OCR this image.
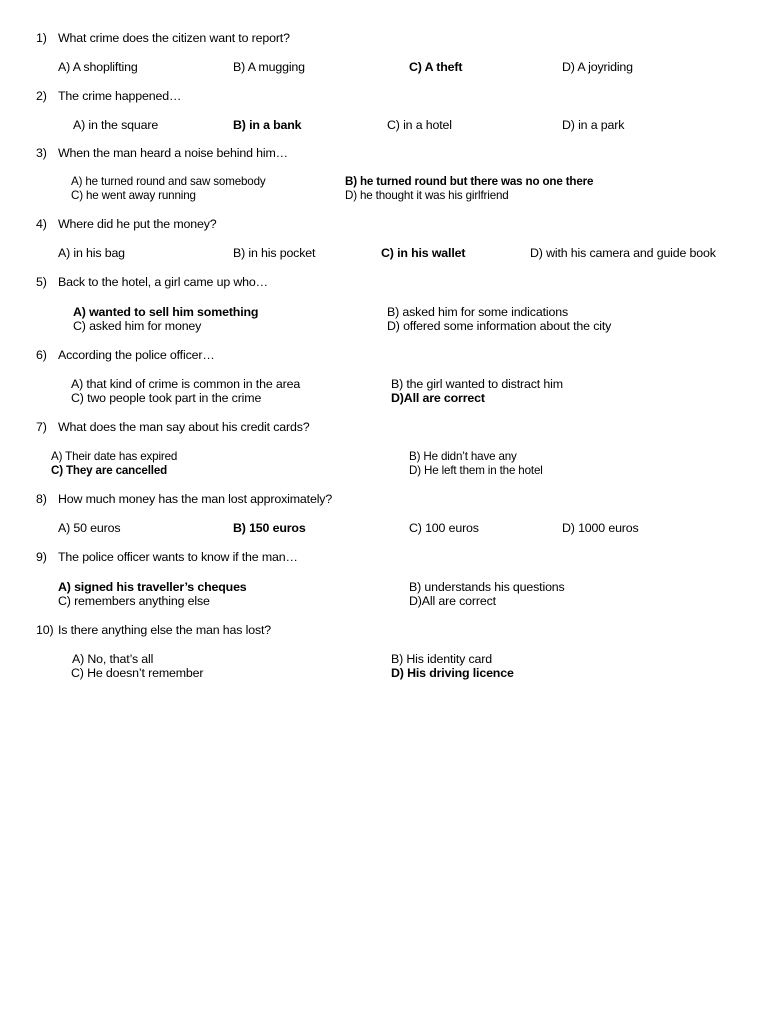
1) What crime does the citizen want to report?
A) A shoplifting	B) A mugging	C) A theft	D) A joyriding
2) The crime happened…
A) in the square	B) in a bank	C) in a hotel	D) in a park
3) When the man heard a noise behind him…
A) he turned round and saw somebody	B) he turned round but there was no one there
C) he went away running	D) he thought it was his girlfriend
4) Where did he put the money?
A) in his bag	B) in his pocket	C) in his wallet	D) with his camera and guide book
5) Back to the hotel, a girl came up who…
A) wanted to sell him something	B) asked him for some indications
C) asked him for money	D) offered some information about the city
6) According the police officer…
A) that kind of crime is common in the area	B) the girl wanted to distract him
C) two people took part in the crime	D)All are correct
7) What does the man say about his credit cards?
A) Their date has expired	B) He didn’t have any
C) They are cancelled	D) He left them in the hotel
8) How much money has the man lost approximately?
A) 50 euros	B) 150 euros	C) 100 euros	D) 1000 euros
9) The police officer wants to know if the man…
A) signed his traveller’s cheques	B) understands his questions
C) remembers anything else	D)All are correct
10) Is there anything else the man has lost?
A) No, that’s all	B) His identity card
C) He doesn’t remember	D) His driving licence
